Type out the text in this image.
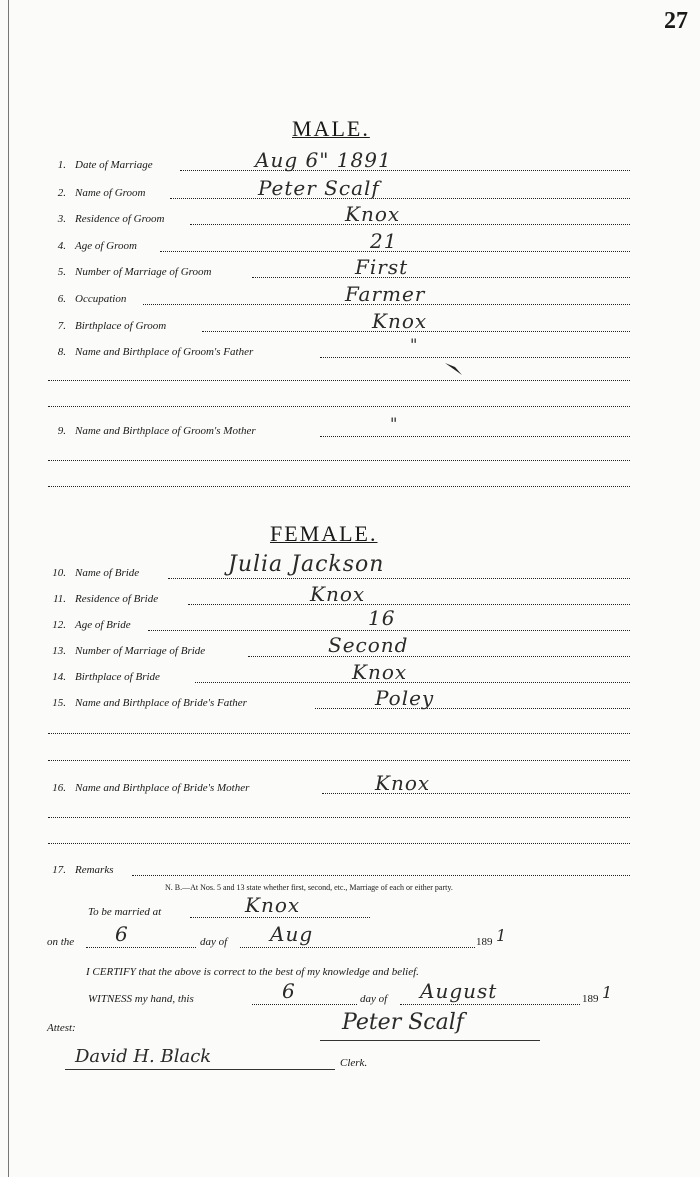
27
MALE.
1. Date of Marriage	Aug 6" 1891
2. Name of Groom	Peter Scalf
3. Residence of Groom	Knox
4. Age of Groom	21
5. Number of Marriage of Groom	First
6. Occupation	Farmer
7. Birthplace of Groom	Knox
8. Name and Birthplace of Groom's Father	"
9. Name and Birthplace of Groom's Mother	"
FEMALE.
10. Name of Bride	Julia Jackson
11. Residence of Bride	Knox
12. Age of Bride	16
13. Number of Marriage of Bride	Second
14. Birthplace of Bride	Knox
15. Name and Birthplace of Bride's Father	Poley
16. Name and Birthplace of Bride's Mother	Knox
17. Remarks
N. B.—At Nos. 5 and 13 state whether first, second, etc., Marriage of each or either party.
To be married at	Knox
on the 6	day of Aug	189 1
I CERTIFY that the above is correct to the best of my knowledge and belief.
WITNESS my hand, this	6	day of August	189 1
Peter Scalf
Attest:
David H. Black	Clerk.
